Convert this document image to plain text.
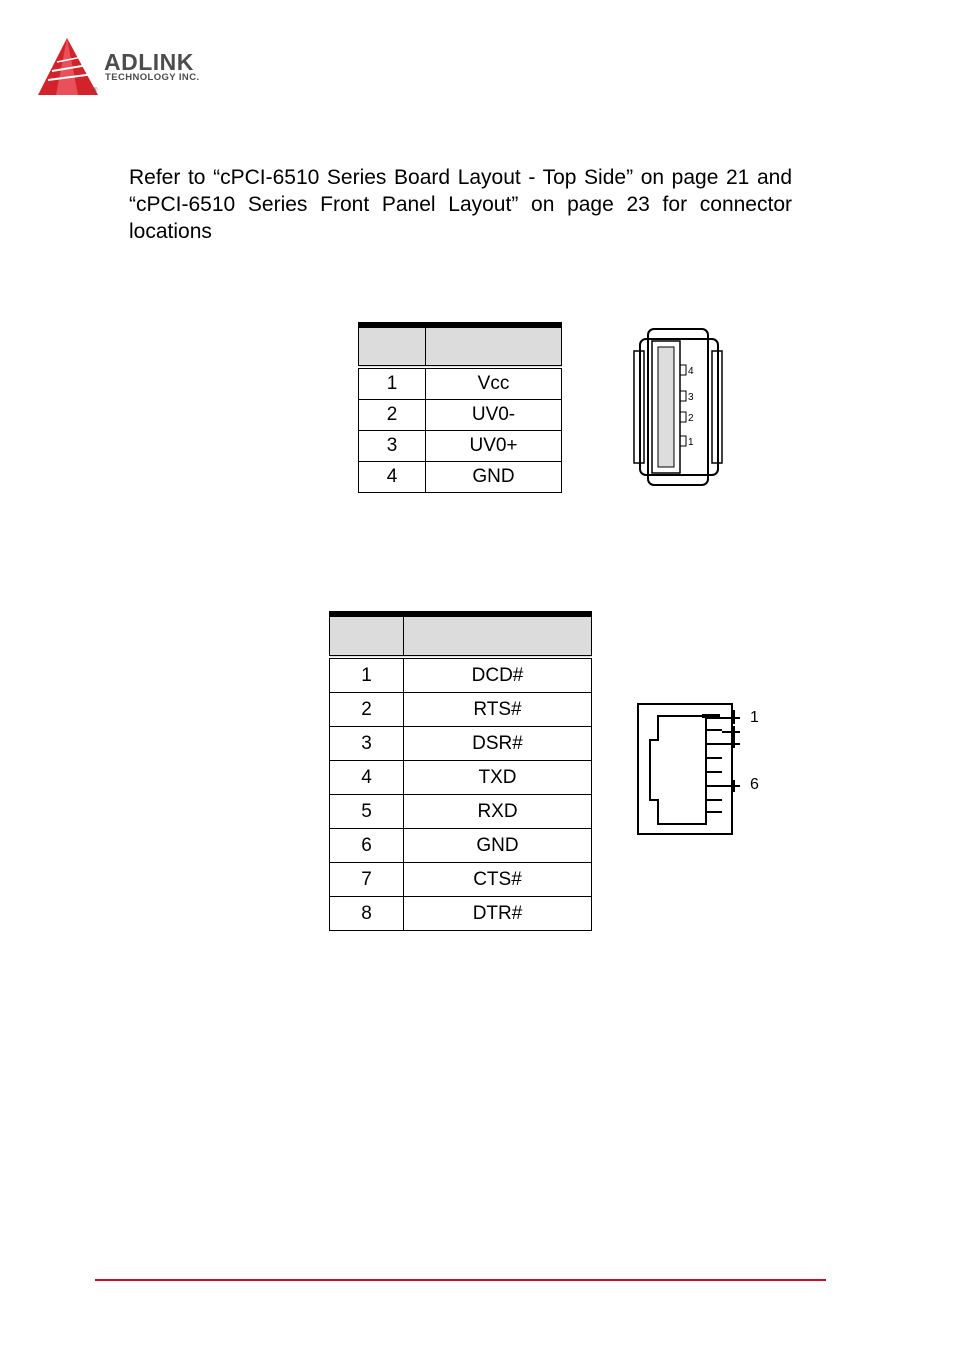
ADLINK
TECHNOLOGY INC.
®

Refer to “cPCI-6510 Series Board Layout - Top Side” on page 21 and “cPCI-6510 Series Front Panel Layout” on page 23 for connector locations

1	Vcc
2	UV0-
3	UV0+
4	GND
4
3
2
1

1	DCD#
2	RTS#
3	DSR#
4	TXD
5	RXD
6	GND
7	CTS#
8	DTR#
1
6
